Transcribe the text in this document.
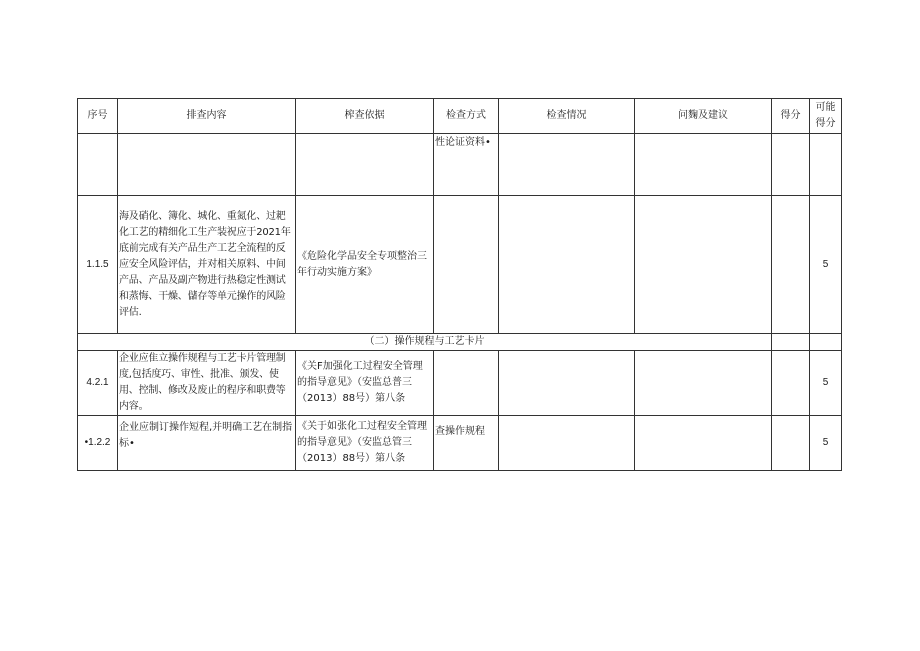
序号	排查内容	榨查依据	检查方式	检查情况	问麴及建议	得分	可能得分
			性论证资料•				
1.1.5	海及硝化、簿化、城化、重氮化、过耙化工艺的精细化工生产装祝应于2021年底前完成有关产品生产工艺全流程的反应安全风险评估，并对相关原料、中间产品、产品及副产物进行热稳定性测试和蒸悔、干燥、儲存等单元操作的风险评估.	《危险化学品安全专项整治三年行动实施方案》					5
（二）操作规程与工艺卡片							
4.2.1	企业应隹立操作规程与工艺卡片管理制度,包括度巧、审性、批准、颁发、使用、控制、修改及废止的程序和职费等内容。	《关F加强化工过程安全管理的指导意见》（安监总普三（2013）88号）第八条					5
•1.2.2	企业应制订操作短程,并明确工艺在制指标•	《关于如张化工过程安全管理的指导意见》（安监总管三（2013）88号）第八条	查操作规程				5
